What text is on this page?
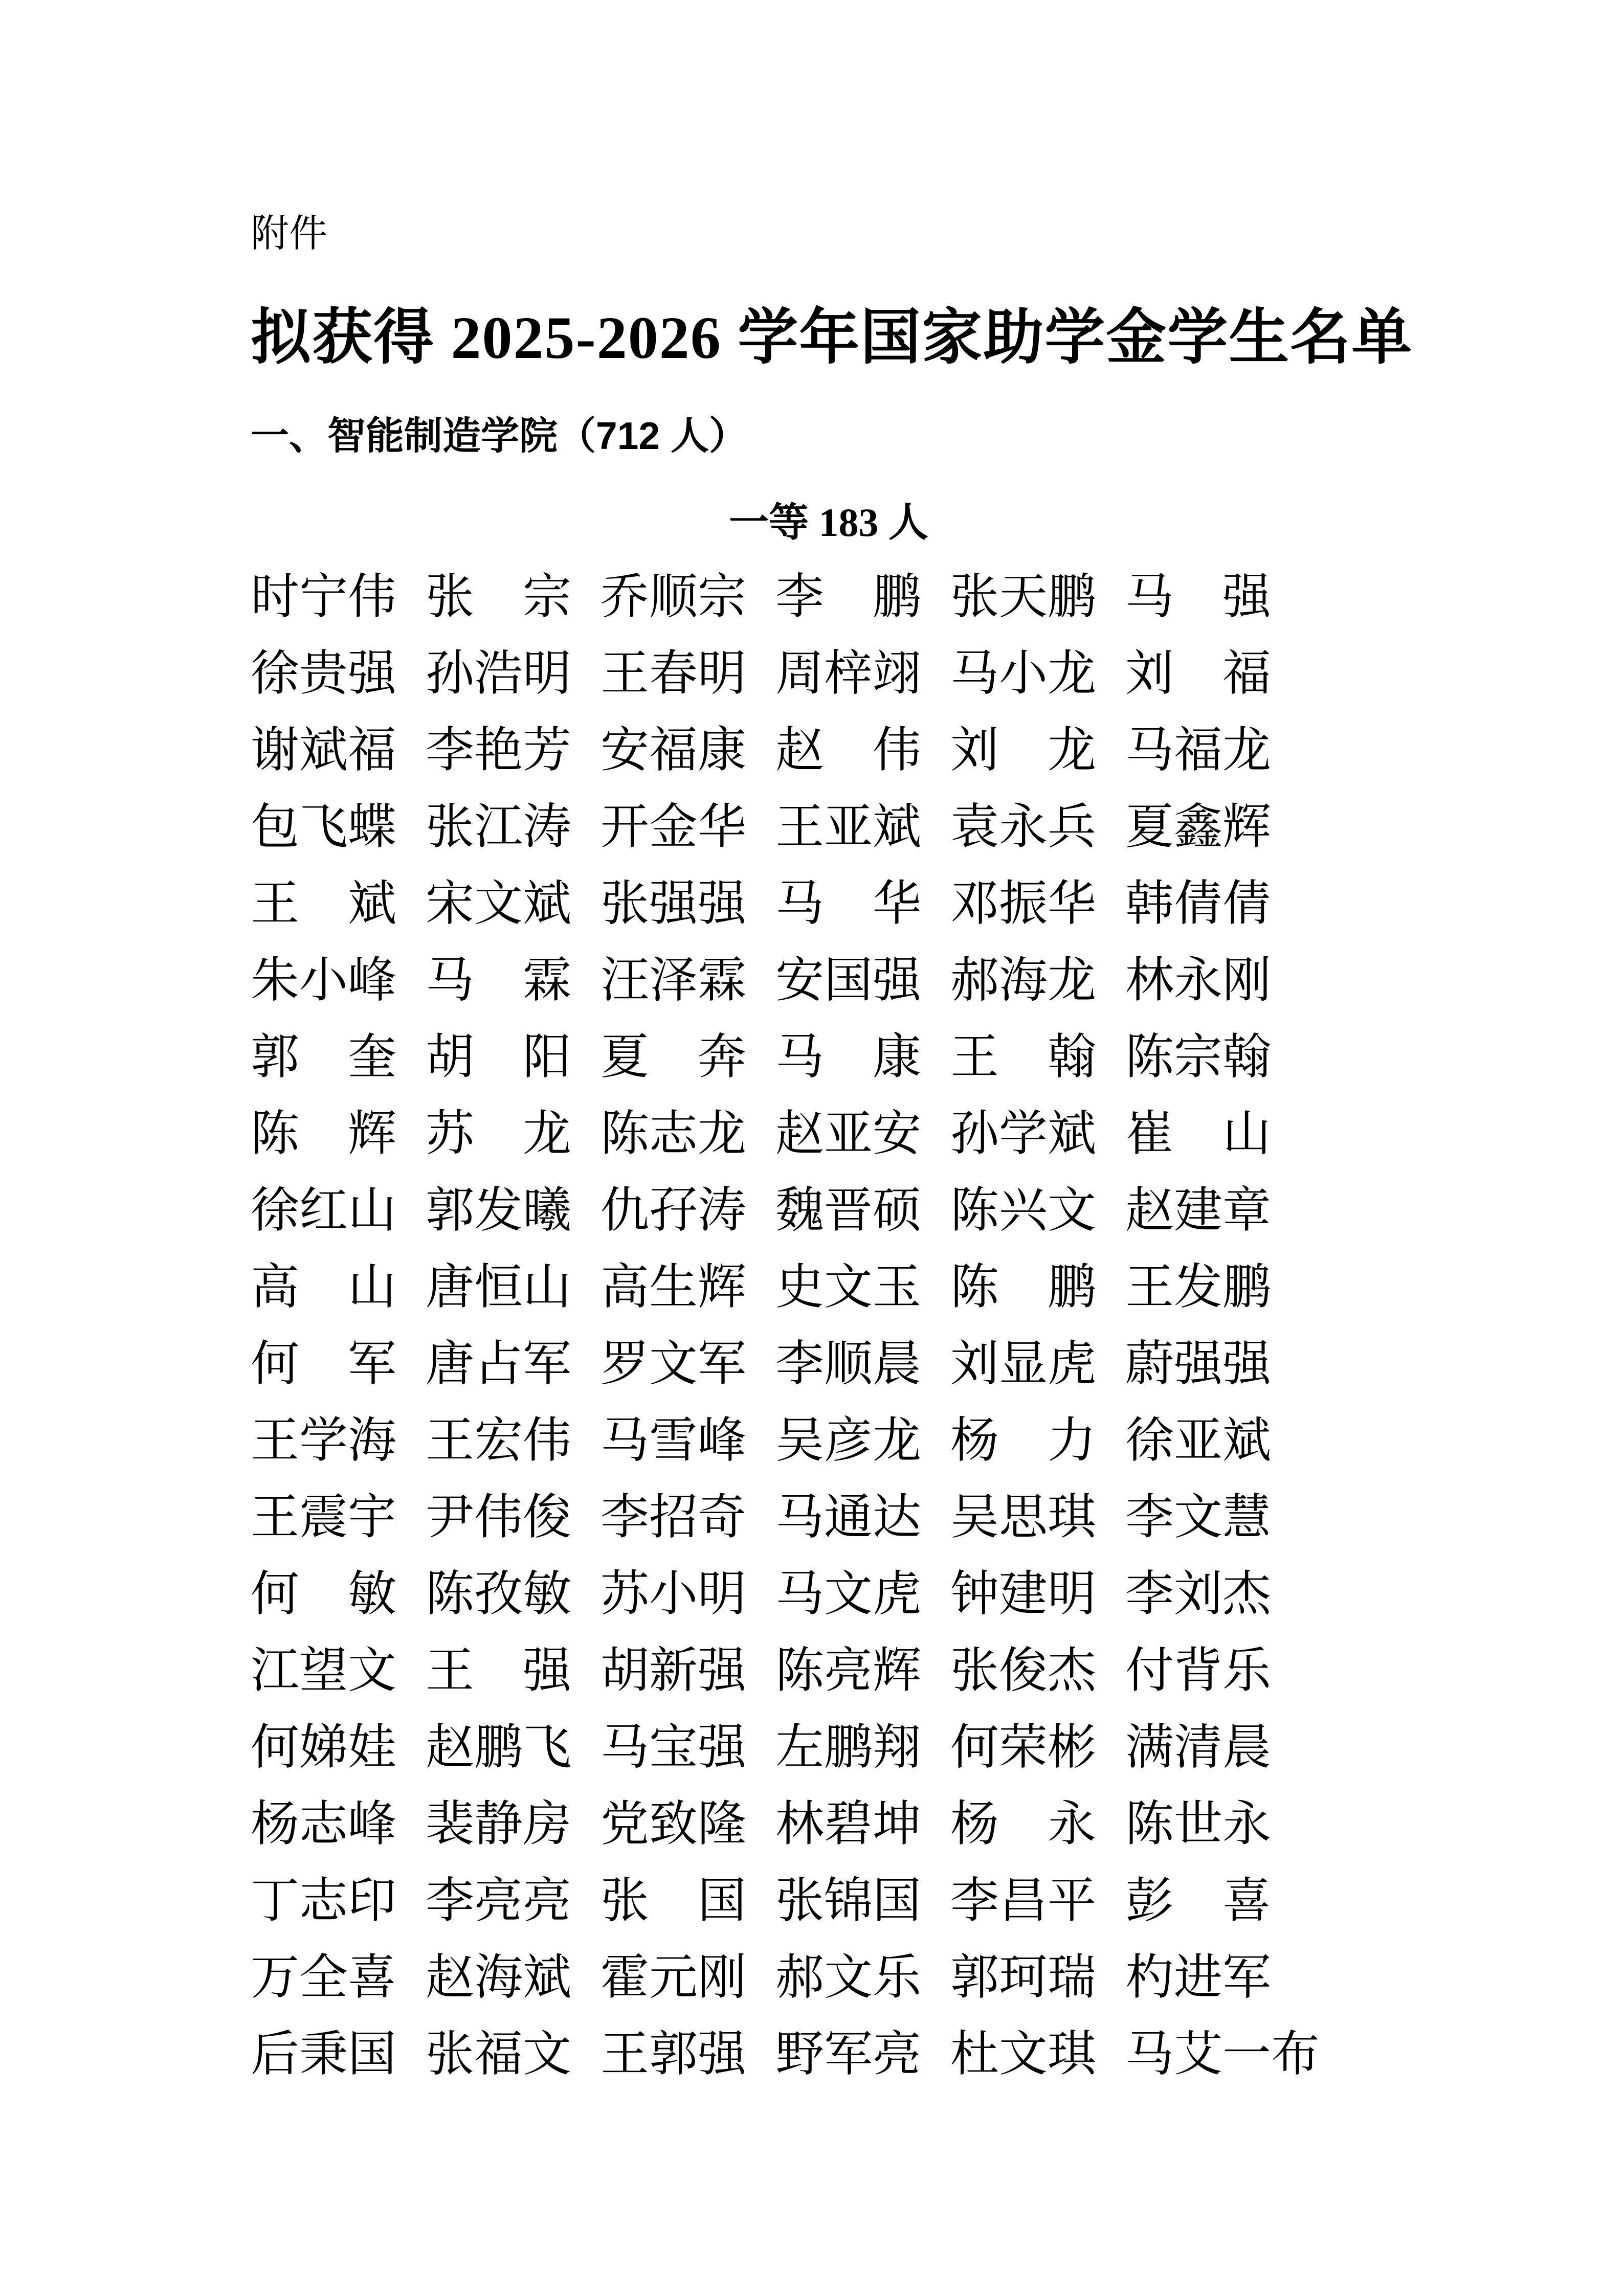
附件
拟获得 2025-2026 学年国家助学金学生名单
一、智能制造学院（712 人）
一等 183 人
时宁伟 张宗 乔顺宗 李鹏 张天鹏 马强
徐贵强 孙浩明 王春明 周梓翊 马小龙 刘福
谢斌福 李艳芳 安福康 赵伟 刘龙 马福龙
包飞蝶 张江涛 开金华 王亚斌 袁永兵 夏鑫辉
王斌 宋文斌 张强强 马华 邓振华 韩倩倩
朱小峰 马霖 汪泽霖 安国强 郝海龙 林永刚
郭奎 胡阳 夏奔 马康 王翰 陈宗翰
陈辉 苏龙 陈志龙 赵亚安 孙学斌 崔山
徐红山 郭发曦 仇孖涛 魏晋硕 陈兴文 赵建章
高山 唐恒山 高生辉 史文玉 陈鹏 王发鹏
何军 唐占军 罗文军 李顺晨 刘显虎 蔚强强
王学海 王宏伟 马雪峰 吴彦龙 杨力 徐亚斌
王震宇 尹伟俊 李招奇 马通达 吴思琪 李文慧
何敏 陈孜敏 苏小明 马文虎 钟建明 李刘杰
江望文 王强 胡新强 陈亮辉 张俊杰 付背乐
何娣娃 赵鹏飞 马宝强 左鹏翔 何荣彬 满清晨
杨志峰 裴静房 党致隆 林碧坤 杨永 陈世永
丁志印 李亮亮 张国 张锦国 李昌平 彭喜
万全喜 赵海斌 霍元刚 郝文乐 郭珂瑞 杓进军
后秉国 张福文 王郭强 野军亮 杜文琪 马艾一布
